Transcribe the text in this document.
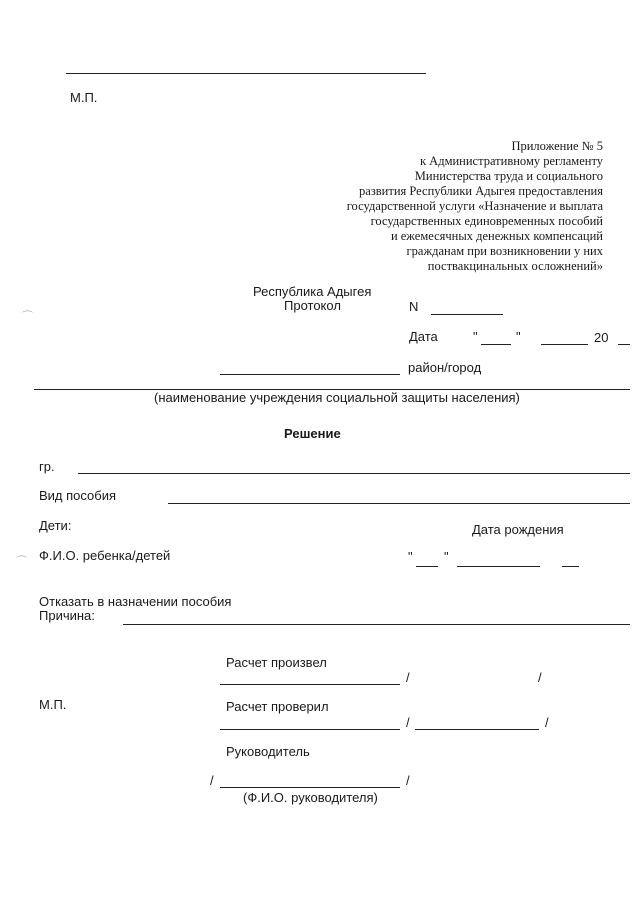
М.П.
Приложение № 5
к Административному регламенту
Министерства труда и социального
развития Республики Адыгея предоставления
государственной услуги «Назначение и выплата
государственных единовременных пособий
и ежемесячных денежных компенсаций
гражданам при возникновении у них
поствакцинальных осложнений»
Республика Адыгея
Протокол	N
Дата	"	"	20
район/город
(наименование учреждения социальной защиты населения)
Решение
гр.
Вид пособия
Дети:	Дата рождения
⌒ Ф.И.О. ребенка/детей	" "
Отказать в назначении пособия
Причина:
Расчет произвел
/	/
М.П.	Расчет проверил
/	/
Руководитель
/	/
(Ф.И.О. руководителя)
⌒
